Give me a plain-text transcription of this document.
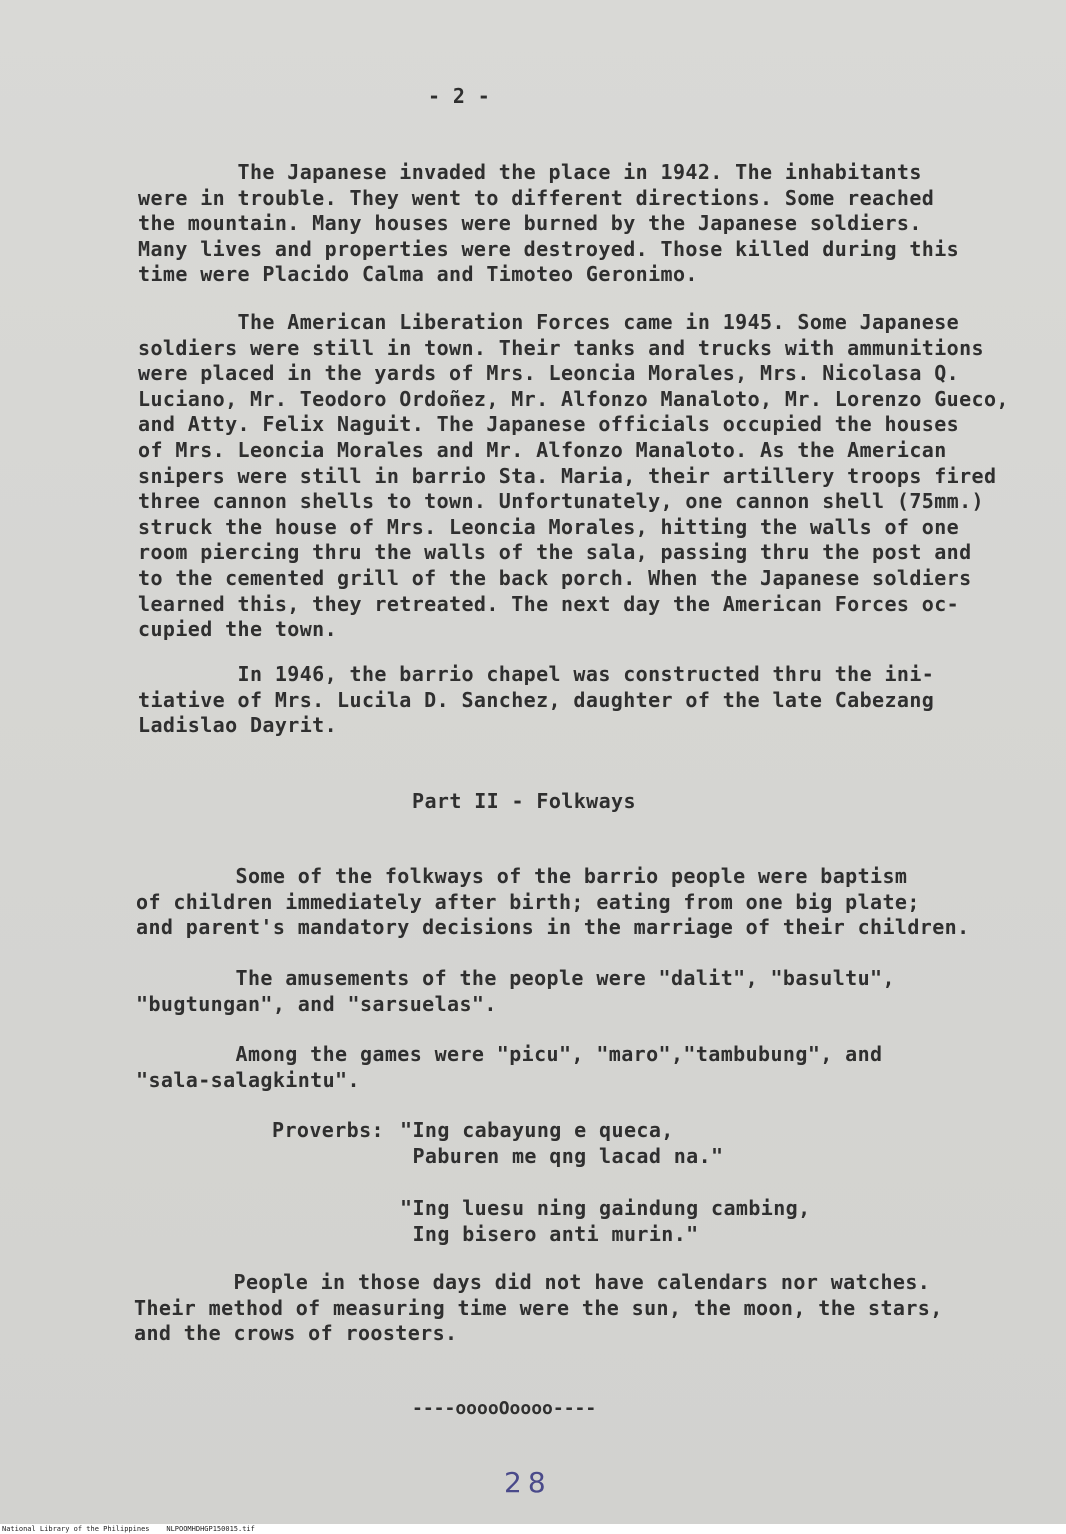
- 2 -

The Japanese invaded the place in 1942. The inhabitants
were in trouble. They went to different directions. Some reached
the mountain. Many houses were burned by the Japanese soldiers.
Many lives and properties were destroyed. Those killed during this
time were Placido Calma and Timoteo Geronimo.

The American Liberation Forces came in 1945. Some Japanese
soldiers were still in town. Their tanks and trucks with ammunitions
were placed in the yards of Mrs. Leoncia Morales, Mrs. Nicolasa Q.
Luciano, Mr. Teodoro Ordoñez, Mr. Alfonzo Manaloto, Mr. Lorenzo Gueco,
and Atty. Felix Naguit. The Japanese officials occupied the houses
of Mrs. Leoncia Morales and Mr. Alfonzo Manaloto. As the American
snipers were still in barrio Sta. Maria, their artillery troops fired
three cannon shells to town. Unfortunately, one cannon shell (75mm.)
struck the house of Mrs. Leoncia Morales, hitting the walls of one
room piercing thru the walls of the sala, passing thru the post and
to the cemented grill of the back porch. When the Japanese soldiers
learned this, they retreated. The next day the American Forces oc-
cupied the town.

In 1946, the barrio chapel was constructed thru the ini-
tiative of Mrs. Lucila D. Sanchez, daughter of the late Cabezang
Ladislao Dayrit.

Part II - Folkways

Some of the folkways of the barrio people were baptism
of children immediately after birth; eating from one big plate;
and parent's mandatory decisions in the marriage of their children.

The amusements of the people were "dalit", "basultu",
"bugtungan", and "sarsuelas".

Among the games were "picu", "maro","tambubung", and
"sala-salagkintu".

Proverbs: "Ing cabayung e queca,
Paburen me qng lacad na."

"Ing luesu ning gaindung cambing,
Ing bisero anti murin."

People in those days did not have calendars nor watches.
Their method of measuring time were the sun, the moon, the stars,
and the crows of roosters.

----ooooOoooo----

28
National Library of the Philippines    NLPOOMHDHGP150015.tif
